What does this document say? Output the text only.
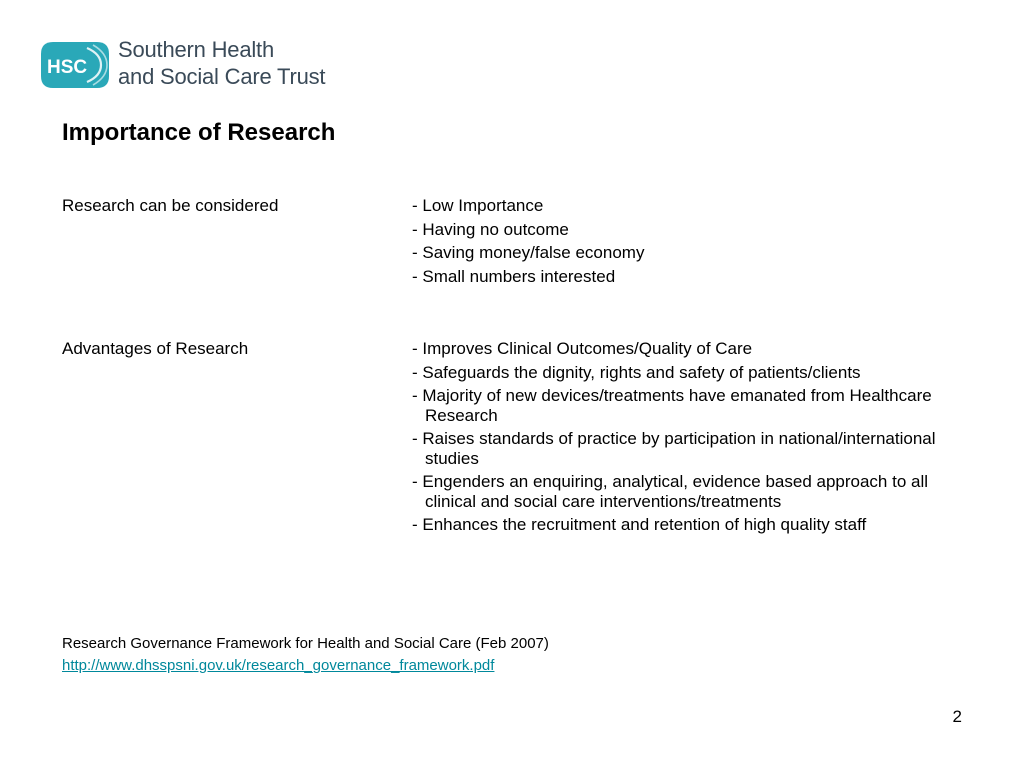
HSC
Southern Health
and Social Care Trust
Importance of Research
Research can be considered	- Low Importance
- Having no outcome
- Saving money/false economy
- Small numbers interested
Advantages of Research	- Improves Clinical Outcomes/Quality of Care
- Safeguards the dignity, rights and safety of patients/clients
- Majority of new devices/treatments have emanated from Healthcare Research
- Raises standards of practice by participation in national/international studies
- Engenders an enquiring, analytical, evidence based approach to all clinical and social care interventions/treatments
- Enhances the recruitment and retention of high quality staff
Research Governance Framework for Health and Social Care (Feb 2007)
http://www.dhsspsni.gov.uk/research_governance_framework.pdf
2
